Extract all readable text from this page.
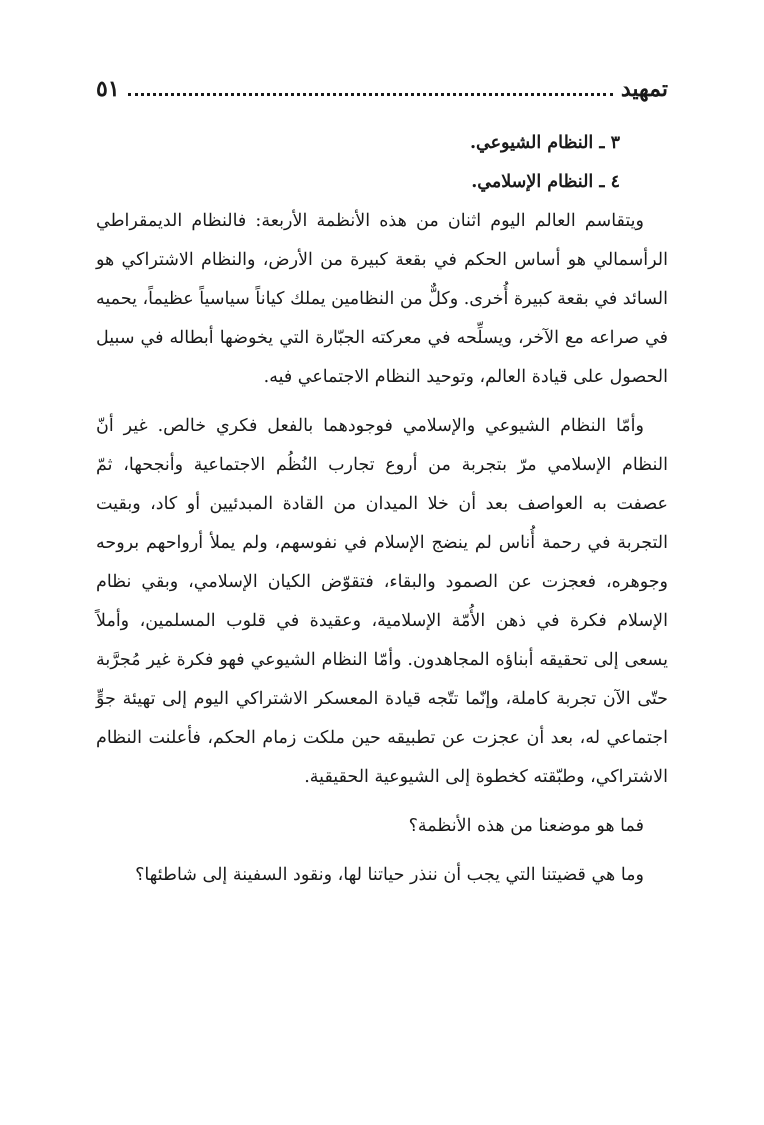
تمهيد
٥١

٣ ـ النظام الشيوعي.

٤ ـ النظام الإسلامي.

ويتقاسم العالم اليوم اثنان من هذه الأنظمة الأربعة: فالنظام الديمقراطي الرأسمالي هو أساس الحكم في بقعة كبيرة من الأرض، والنظام الاشتراكي هو السائد في بقعة كبيرة أُخرى. وكلٌّ من النظامين يملك كياناً سياسياً عظيماً، يحميه في صراعه مع الآخر، ويسلِّحه في معركته الجبّارة التي يخوضها أبطاله في سبيل الحصول على قيادة العالم، وتوحيد النظام الاجتماعي فيه.

وأمّا النظام الشيوعي والإسلامي فوجودهما بالفعل فكري خالص. غير أنّ النظام الإسلامي مرّ بتجربة من أروع تجارب النُظُم الاجتماعية وأنجحها، ثمّ عصفت به العواصف بعد أن خلا الميدان من القادة المبدئيين أو كاد، وبقيت التجربة في رحمة أُناس لم ينضج الإسلام في نفوسهم، ولم يملأ أرواحهم بروحه وجوهره، فعجزت عن الصمود والبقاء، فتقوّض الكيان الإسلامي، وبقي نظام الإسلام فكرة في ذهن الأُمّة الإسلامية، وعقيدة في قلوب المسلمين، وأملاً يسعى إلى تحقيقه أبناؤه المجاهدون. وأمّا النظام الشيوعي فهو فكرة غير مُجرَّبة حتّى الآن تجربة كاملة، وإنّما تتّجه قيادة المعسكر الاشتراكي اليوم إلى تهيئة جوٍّ اجتماعي له، بعد أن عجزت عن تطبيقه حين ملكت زمام الحكم، فأعلنت النظام الاشتراكي، وطبّقته كخطوة إلى الشيوعية الحقيقية.

فما هو موضعنا من هذه الأنظمة؟

وما هي قضيتنا التي يجب أن ننذر حياتنا لها، ونقود السفينة إلى شاطئها؟
